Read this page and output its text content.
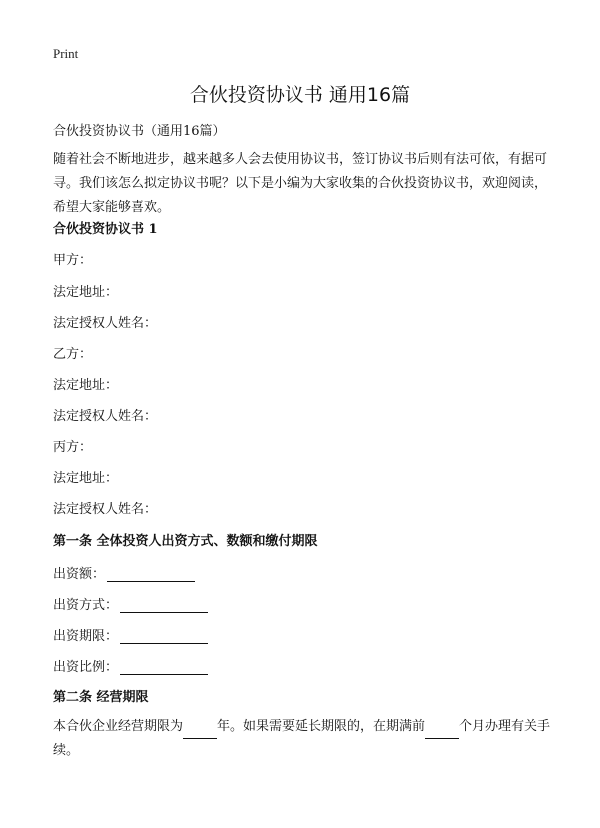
Print
合伙投资协议书 通用16篇
合伙投资协议书（通用16篇）

随着社会不断地进步，越来越多人会去使用协议书，签订协议书后则有法可依，有据可寻。我们该怎么拟定协议书呢？以下是小编为大家收集的合伙投资协议书，欢迎阅读，希望大家能够喜欢。

合伙投资协议书 1
甲方：
法定地址：
法定授权人姓名：
乙方：
法定地址：
法定授权人姓名：
丙方：
法定地址：
法定授权人姓名：
第一条 全体投资人出资方式、数额和缴付期限
出资额：
出资方式：
出资期限：
出资比例：
第二条 经营期限

本合伙企业经营期限为	年。如果需要延长期限的，在期满前	个月办理有关手续。
